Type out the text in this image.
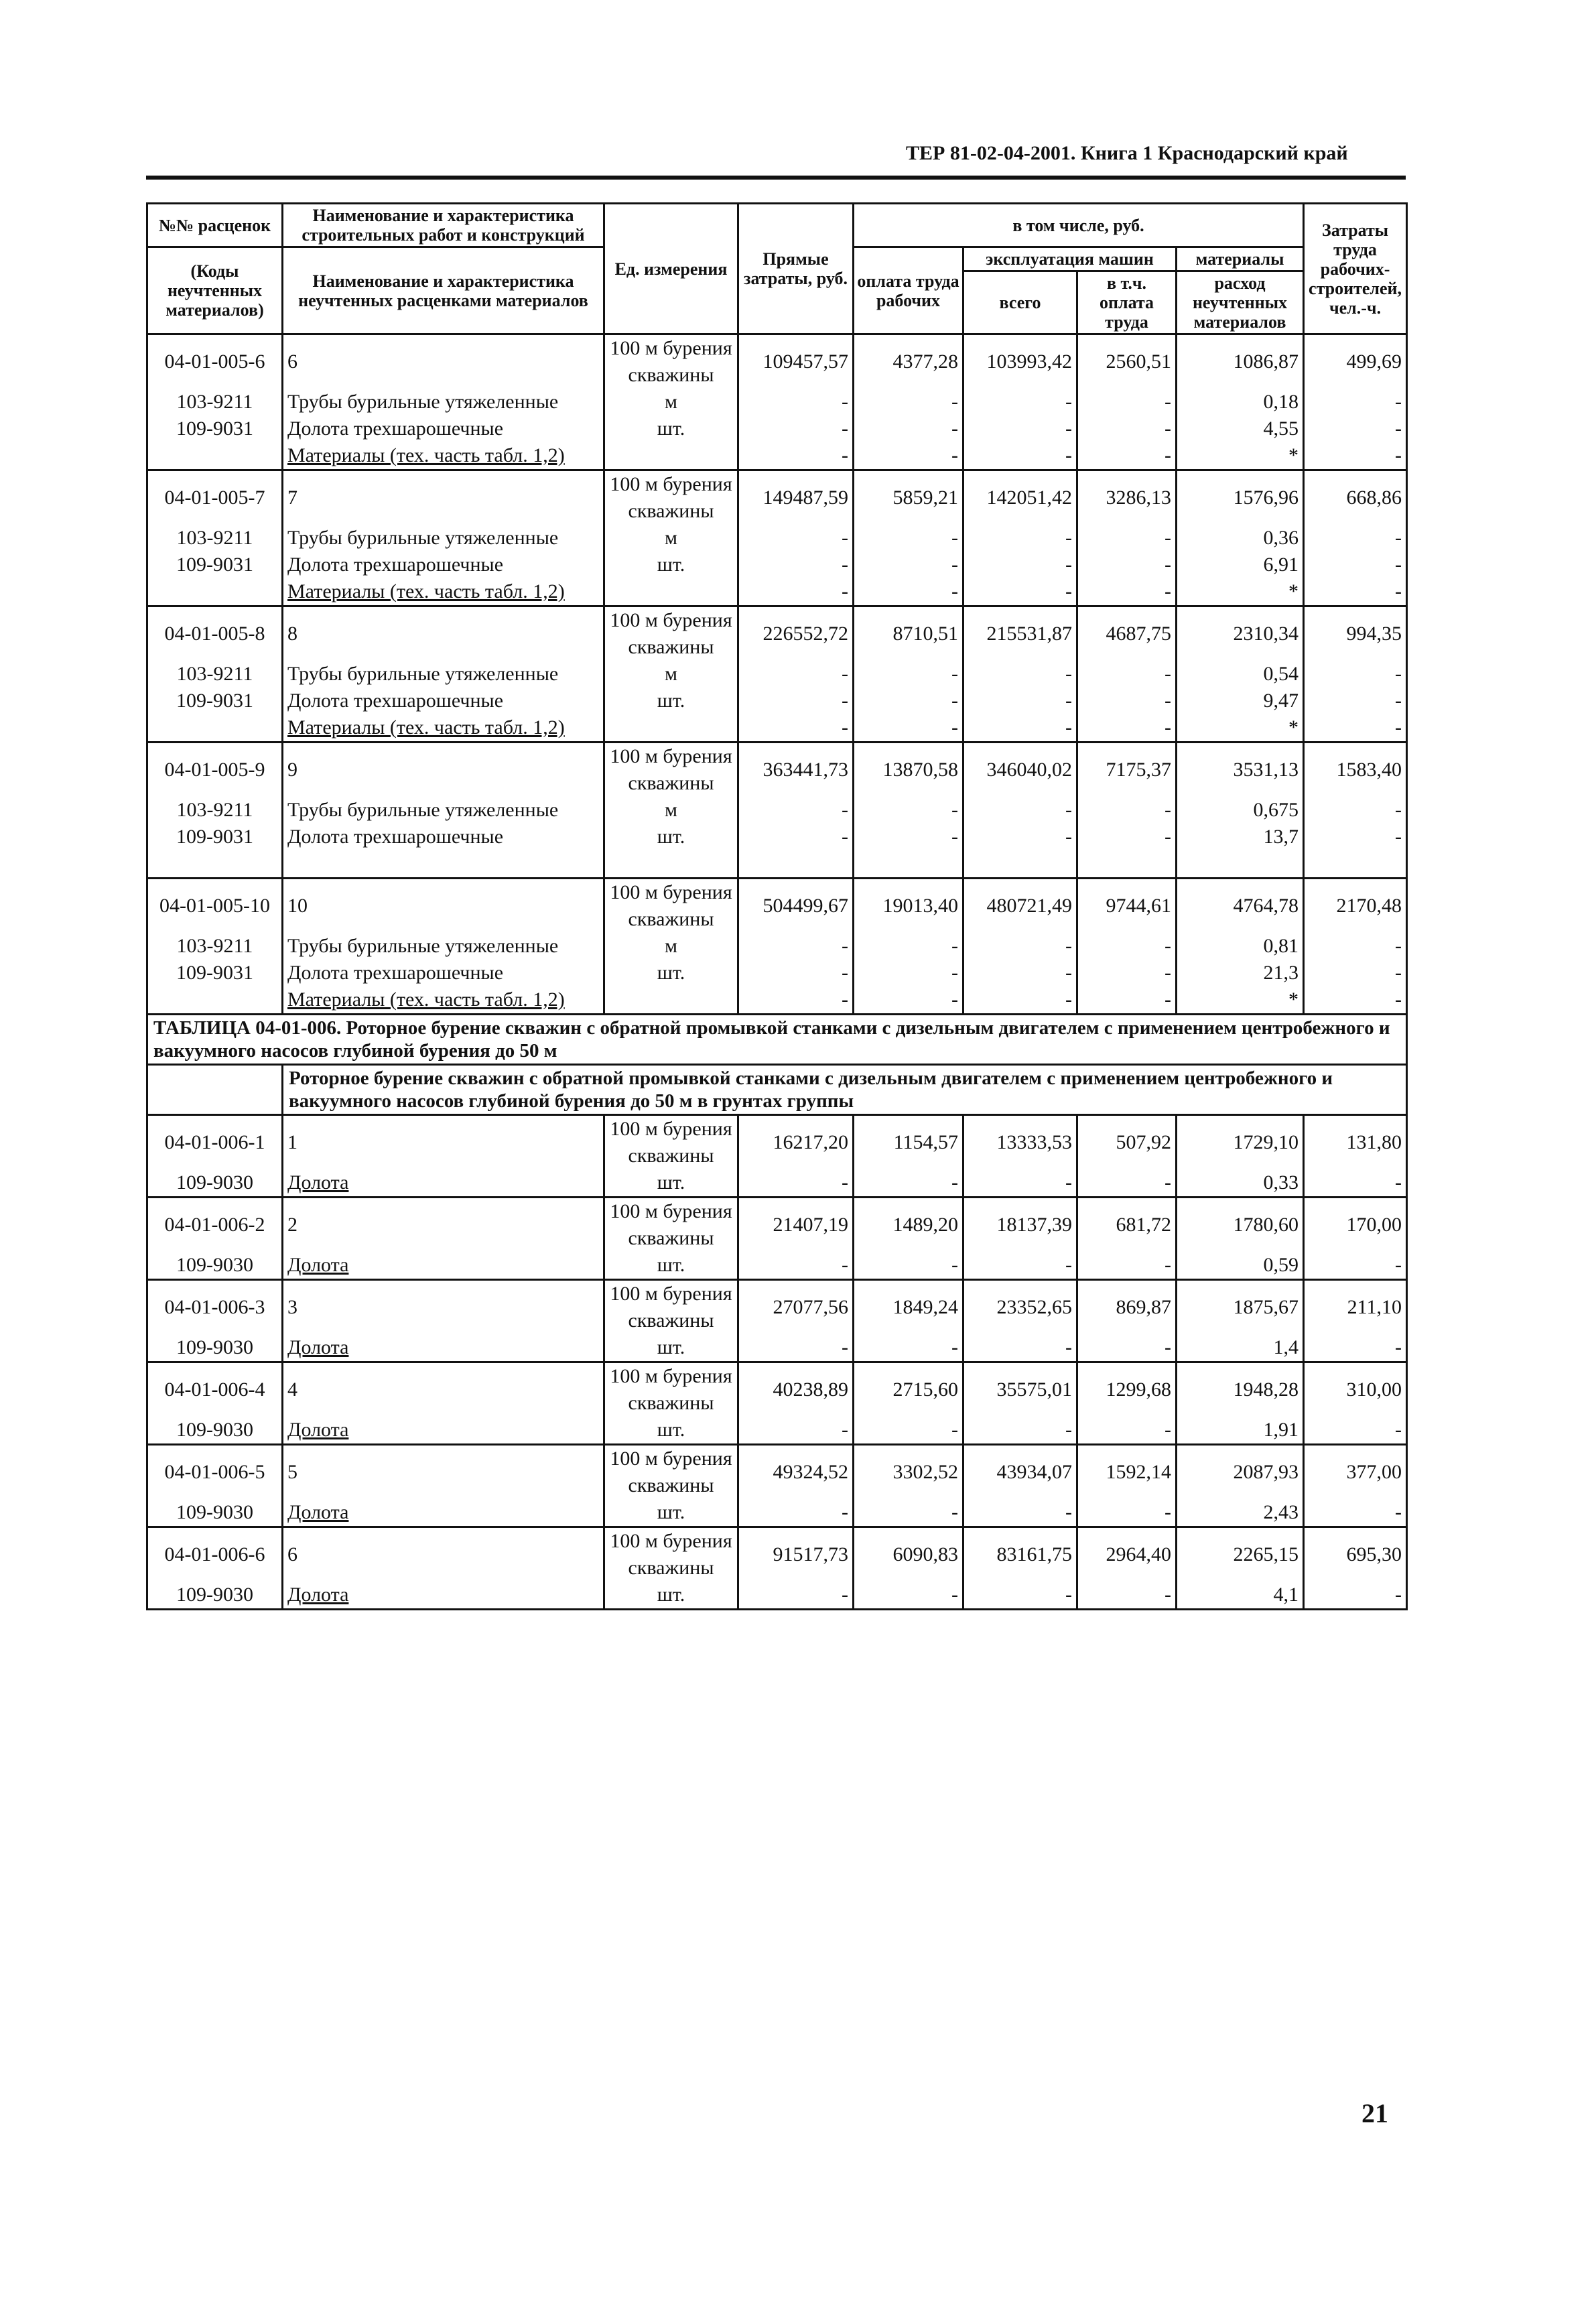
ТЕР 81-02-04-2001. Книга 1 Краснодарский край
№№ расценок	Наименование и характеристика строительных работ и конструкций	Ед. измерения	Прямые затраты, руб.	в том числе, руб.				Затраты труда рабочих-строителей, чел.-ч.
(Коды неучтенных материалов)	Наименование и характеристика неучтенных расценками материалов			оплата труда рабочих	эксплуатация машин		материалы	
					всего	в т.ч. оплата труда	расход неучтенных материалов	

04-01-005-6	6	100 м бурения скважины	109457,57	4377,28	103993,42	2560,51	1086,87	499,69
103-9211	Трубы бурильные утяжеленные	м	-	-	-	-	0,18	-
109-9031	Долота трехшарошечные	шт.	-	-	-	-	4,55	-
	Материалы (тех. часть табл. 1,2)		-	-	-	-	*	-
04-01-005-7	7	100 м бурения скважины	149487,59	5859,21	142051,42	3286,13	1576,96	668,86
103-9211	Трубы бурильные утяжеленные	м	-	-	-	-	0,36	-
109-9031	Долота трехшарошечные	шт.	-	-	-	-	6,91	-
	Материалы (тех. часть табл. 1,2)		-	-	-	-	*	-
04-01-005-8	8	100 м бурения скважины	226552,72	8710,51	215531,87	4687,75	2310,34	994,35
103-9211	Трубы бурильные утяжеленные	м	-	-	-	-	0,54	-
109-9031	Долота трехшарошечные	шт.	-	-	-	-	9,47	-
	Материалы (тех. часть табл. 1,2)		-	-	-	-	*	-
04-01-005-9	9	100 м бурения скважины	363441,73	13870,58	346040,02	7175,37	3531,13	1583,40
103-9211	Трубы бурильные утяжеленные	м	-	-	-	-	0,675	-
109-9031	Долота трехшарошечные	шт.	-	-	-	-	13,7	-

04-01-005-10	10	100 м бурения скважины	504499,67	19013,40	480721,49	9744,61	4764,78	2170,48
103-9211	Трубы бурильные утяжеленные	м	-	-	-	-	0,81	-
109-9031	Долота трехшарошечные	шт.	-	-	-	-	21,3	-
	Материалы (тех. часть табл. 1,2)		-	-	-	-	*	-
ТАБЛИЦА 04-01-006. Роторное бурение скважин с обратной промывкой станками с дизельным двигателем с применением центробежного и вакуумного насосов глубиной бурения до 50 м								
	Роторное бурение скважин с обратной промывкой станками с дизельным двигателем с применением центробежного и вакуумного насосов глубиной бурения до 50 м в грунтах группы							
04-01-006-1	1	100 м бурения скважины	16217,20	1154,57	13333,53	507,92	1729,10	131,80
109-9030	Долота	шт.	-	-	-	-	0,33	-
04-01-006-2	2	100 м бурения скважины	21407,19	1489,20	18137,39	681,72	1780,60	170,00
109-9030	Долота	шт.	-	-	-	-	0,59	-
04-01-006-3	3	100 м бурения скважины	27077,56	1849,24	23352,65	869,87	1875,67	211,10
109-9030	Долота	шт.	-	-	-	-	1,4	-
04-01-006-4	4	100 м бурения скважины	40238,89	2715,60	35575,01	1299,68	1948,28	310,00
109-9030	Долота	шт.	-	-	-	-	1,91	-
04-01-006-5	5	100 м бурения скважины	49324,52	3302,52	43934,07	1592,14	2087,93	377,00
109-9030	Долота	шт.	-	-	-	-	2,43	-
04-01-006-6	6	100 м бурения скважины	91517,73	6090,83	83161,75	2964,40	2265,15	695,30
109-9030	Долота	шт.	-	-	-	-	4,1	-
21
